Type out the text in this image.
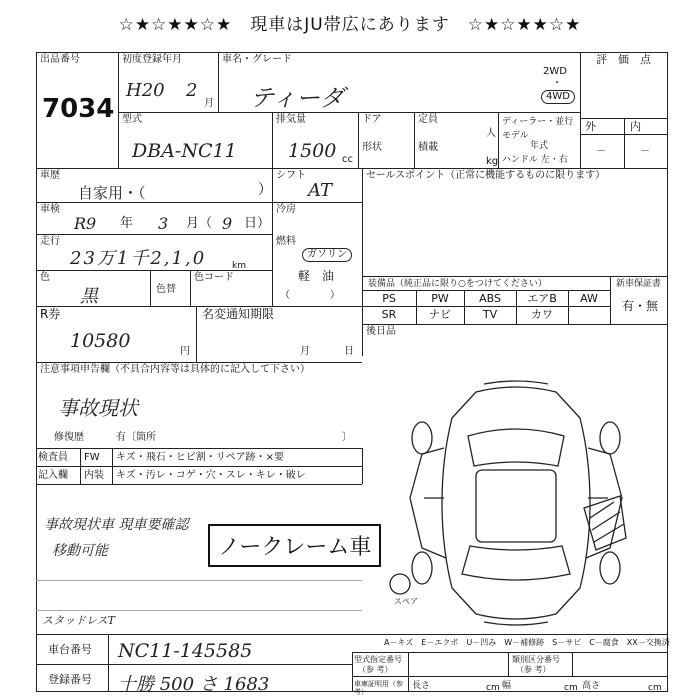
☆★☆★★☆★　現車はJU帯広にあります　☆★☆★★☆★
出品番号
7034
初度登録年月
H20 2
月
車名・グレード
ティーダ
2WD
・
4WD
評　価　点
外	内
－	－
型式
DBA-NC11
排気量
1500 cc
ドア
形状
定員
人
積載
kg
ディーラー・並行
モデル
年式
ハンドル 左・右
車歴
自家用・（	）
シフト
AT
車検
R9 年 3 月（ 9 日）
冷房
走行
23万1千2,1,0	km
燃料
ガソリン
軽　油
（　　　　）
色
黒	色替
色コード
セールスポイント（正常に機能するものに限ります）
装備品（純正品に限り○をつけてください）	新車保証書
有・無
PS	PW	ABS	エアB	AW
SR	ナビ	TV	カワ
後日品
R券
10580	円
名変通知期限
月	日
注意事項申告欄（不具合内容等は具体的に記入して下さい）
事故現状
修復歴	有〔箇所	〕
検査員 FW キズ・飛石・ヒビ割・リペア跡・×要
記入欄 内装 キズ・汚レ・コゲ・穴・スレ・キレ・破レ
事故現状車 現車要確認
移動可能	ノークレーム車
スタッドレスT
車台番号 NC11-145585
登録番号 十勝 500 さ 1683
A－キズ　E－エクボ　U－凹み　W－補修跡　S－サビ　C－腐食　XX－交換済
型式指定番号
（参 考）
類別区分番号
（参 考）
車庫証明用（参 考）
長さ	cm 幅	cm 高さ	cm
スペア
